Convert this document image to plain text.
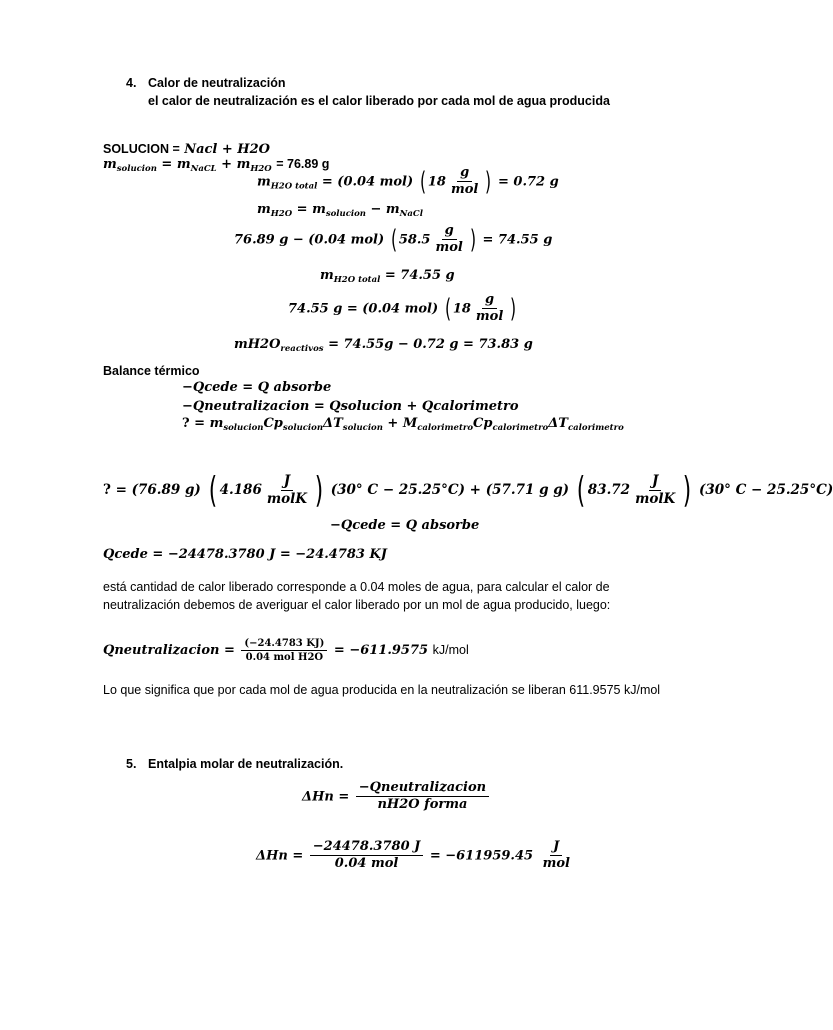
4. Calor de neutralización
el calor de neutralización es el calor liberado por cada mol de agua producida
SOLUCION = Nacl + H2O
$m_{solucion} = m_{NaCL} + m_{H2O} = 76.89$ g
$m_{H2O total} = (0.04$ mol) ( $18 \frac{g}{\text{mol}}$ ) = 0.72 g
$m_{H2O} = m_{solucion} - m_{NaCl}$
76.89 g − (0.04 mol) ( $58.5 \frac{g}{\text{mol}}$ ) = 74.55 g
$m_{H2O total} = 74.55$ g
74.55 g = (0.04 mol) ( $18 \frac{g}{\text{mol}}$ )
$mH2O_{reactivos} = 74.55g - 0.72$ g = 73.83 g
Balance térmico
−Qcede = Q absorbe
−Qneutralizacion = Qsolucion + Qcalorimetro
? = $m_{solucion}Cp_{solucion}\Delta T_{solucion} + M_{calorimetro}Cp_{calorimetro}\Delta T_{calorimetro}$
? = (76.89 g) ( $4.186 \frac{J}{\text{molK}}$ ) (30° C − 25.25°C) + (57.71 g g) ( $83.72 \frac{J}{\text{molK}}$ ) (30° C − 25.25°C)
−Qcede = Q absorbe
Qcede = −24478.3780 J = −24.4783 KJ
está cantidad de calor liberado corresponde a 0.04 moles de agua, para calcular el calor de neutralización debemos de averiguar el calor liberado por un mol de agua producido, luego:
Qneutralizacion = $\frac{(-24.4783 KJ)}{\text{0.04 mol H2O}} = -611.9575$ kJ/mol
Lo que significa que por cada mol de agua producida en la neutralización se liberan 611.9575 kJ/mol
5. Entalpia molar de neutralización.
$\Delta Hn = \frac{\text{−Qneutralizacion}}{\text{nH2O forma}}$
$\Delta Hn = \frac{-24478.3780 J}{\text{0.04 mol}} = -611959.45 \frac{J}{\text{mol}}$
